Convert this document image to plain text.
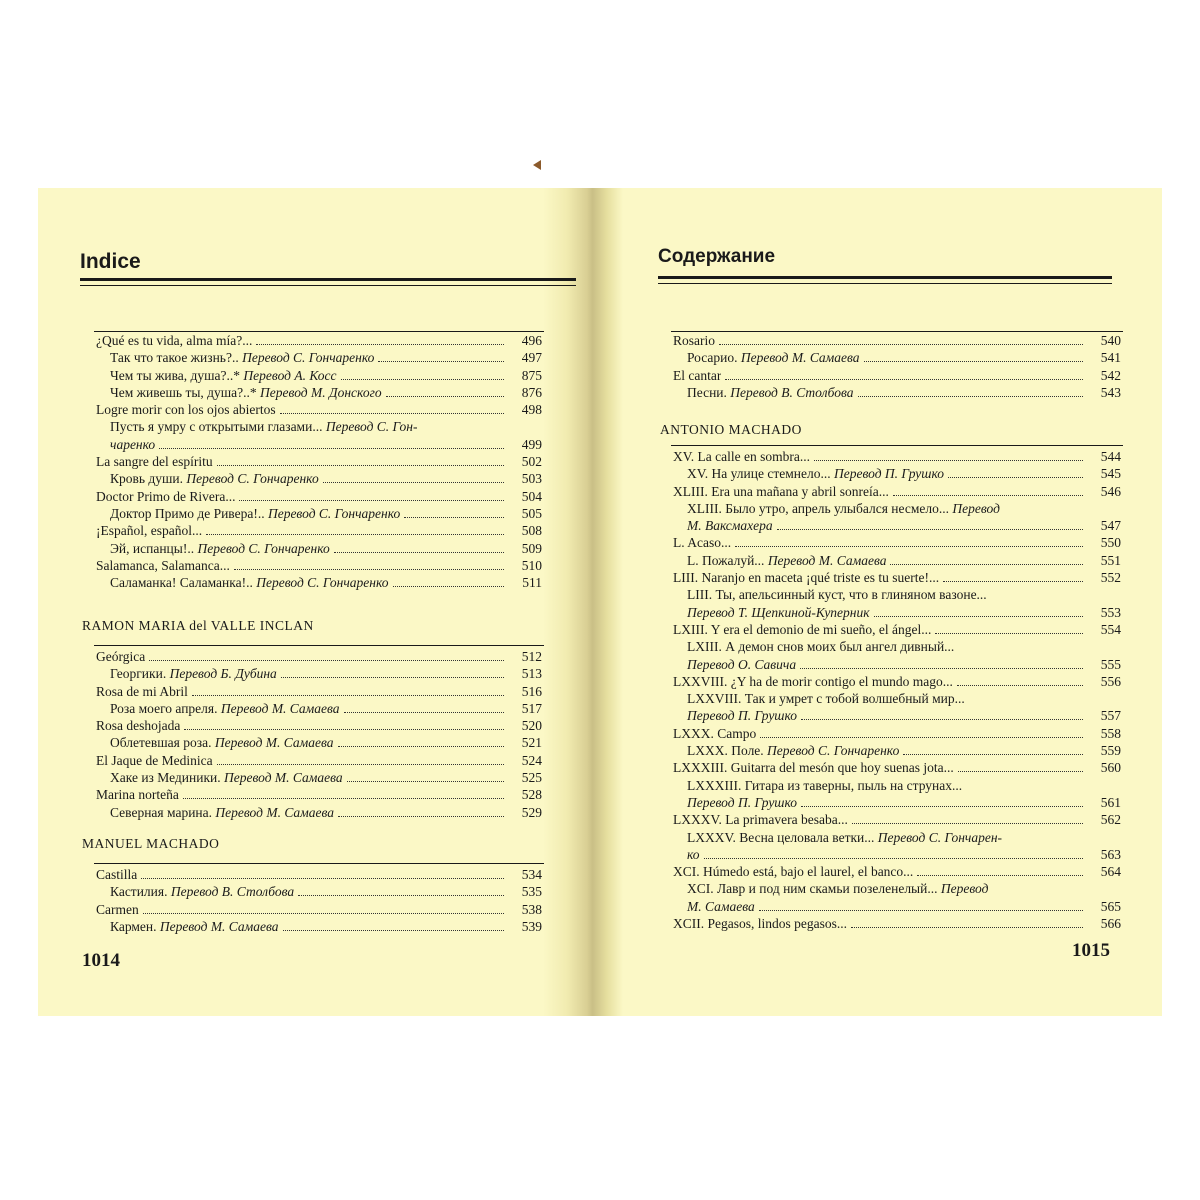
Indice
¿Qué es tu vida, alma mía?...	496
Так что такое жизнь?.. Перевод С. Гончаренко	497
Чем ты жива, душа?..* Перевод А. Косс	875
Чем живешь ты, душа?..* Перевод М. Донского	876
Logre morir con los ojos abiertos	498
Пусть я умру с открытыми глазами... Перевод С. Гон-
чаренко	499
La sangre del espíritu	502
Кровь души. Перевод С. Гончаренко	503
Doctor Primo de Rivera...	504
Доктор Примо де Ривера!.. Перевод С. Гончаренко	505
¡Español, español...	508
Эй, испанцы!.. Перевод С. Гончаренко	509
Salamanca, Salamanca...	510
Саламанка! Саламанка!.. Перевод С. Гончаренко	511
RAMON MARIA del VALLE INCLAN
Geórgica	512
Георгики. Перевод Б. Дубина	513
Rosa de mi Abril	516
Роза моего апреля. Перевод М. Самаева	517
Rosa deshojada	520
Облетевшая роза. Перевод М. Самаева	521
El Jaque de Medinica	524
Хаке из Мединики. Перевод М. Самаева	525
Marina norteña	528
Северная марина. Перевод М. Самаева	529
MANUEL MACHADO
Castilla	534
Кастилия. Перевод В. Столбова	535
Carmen	538
Кармен. Перевод М. Самаева	539
1014
Содержание
Rosario	540
Росарио. Перевод М. Самаева	541
El cantar	542
Песни. Перевод В. Столбова	543
ANTONIO MACHADO
XV. La calle en sombra...	544
XV. На улице стемнело... Перевод П. Грушко	545
XLIII. Era una mañana y abril sonreía...	546
XLIII. Было утро, апрель улыбался несмело... Перевод
М. Ваксмахера	547
L. Acaso...	550
L. Пожалуй... Перевод М. Самаева	551
LIII. Naranjo en maceta ¡qué triste es tu suerte!...	552
LIII. Ты, апельсинный куст, что в глиняном вазоне...
Перевод Т. Щепкиной-Куперник	553
LXIII. Y era el demonio de mi sueño, el ángel...	554
LXIII. А демон снов моих был ангел дивный...
Перевод О. Савича	555
LXXVIII. ¿Y ha de morir contigo el mundo mago...	556
LXXVIII. Так и умрет с тобой волшебный мир...
Перевод П. Грушко	557
LXXX. Campo	558
LXXX. Поле. Перевод С. Гончаренко	559
LXXXIII. Guitarra del mesón que hoy suenas jota...	560
LXXXIII. Гитара из таверны, пыль на струнах...
Перевод П. Грушко	561
LXXXV. La primavera besaba...	562
LXXXV. Весна целовала ветки... Перевод С. Гончарен-
ко	563
XCI. Húmedo está, bajo el laurel, el banco...	564
XCI. Лавр и под ним скамьи позеленелый... Перевод
М. Самаева	565
XCII. Pegasos, lindos pegasos...	566
1015
